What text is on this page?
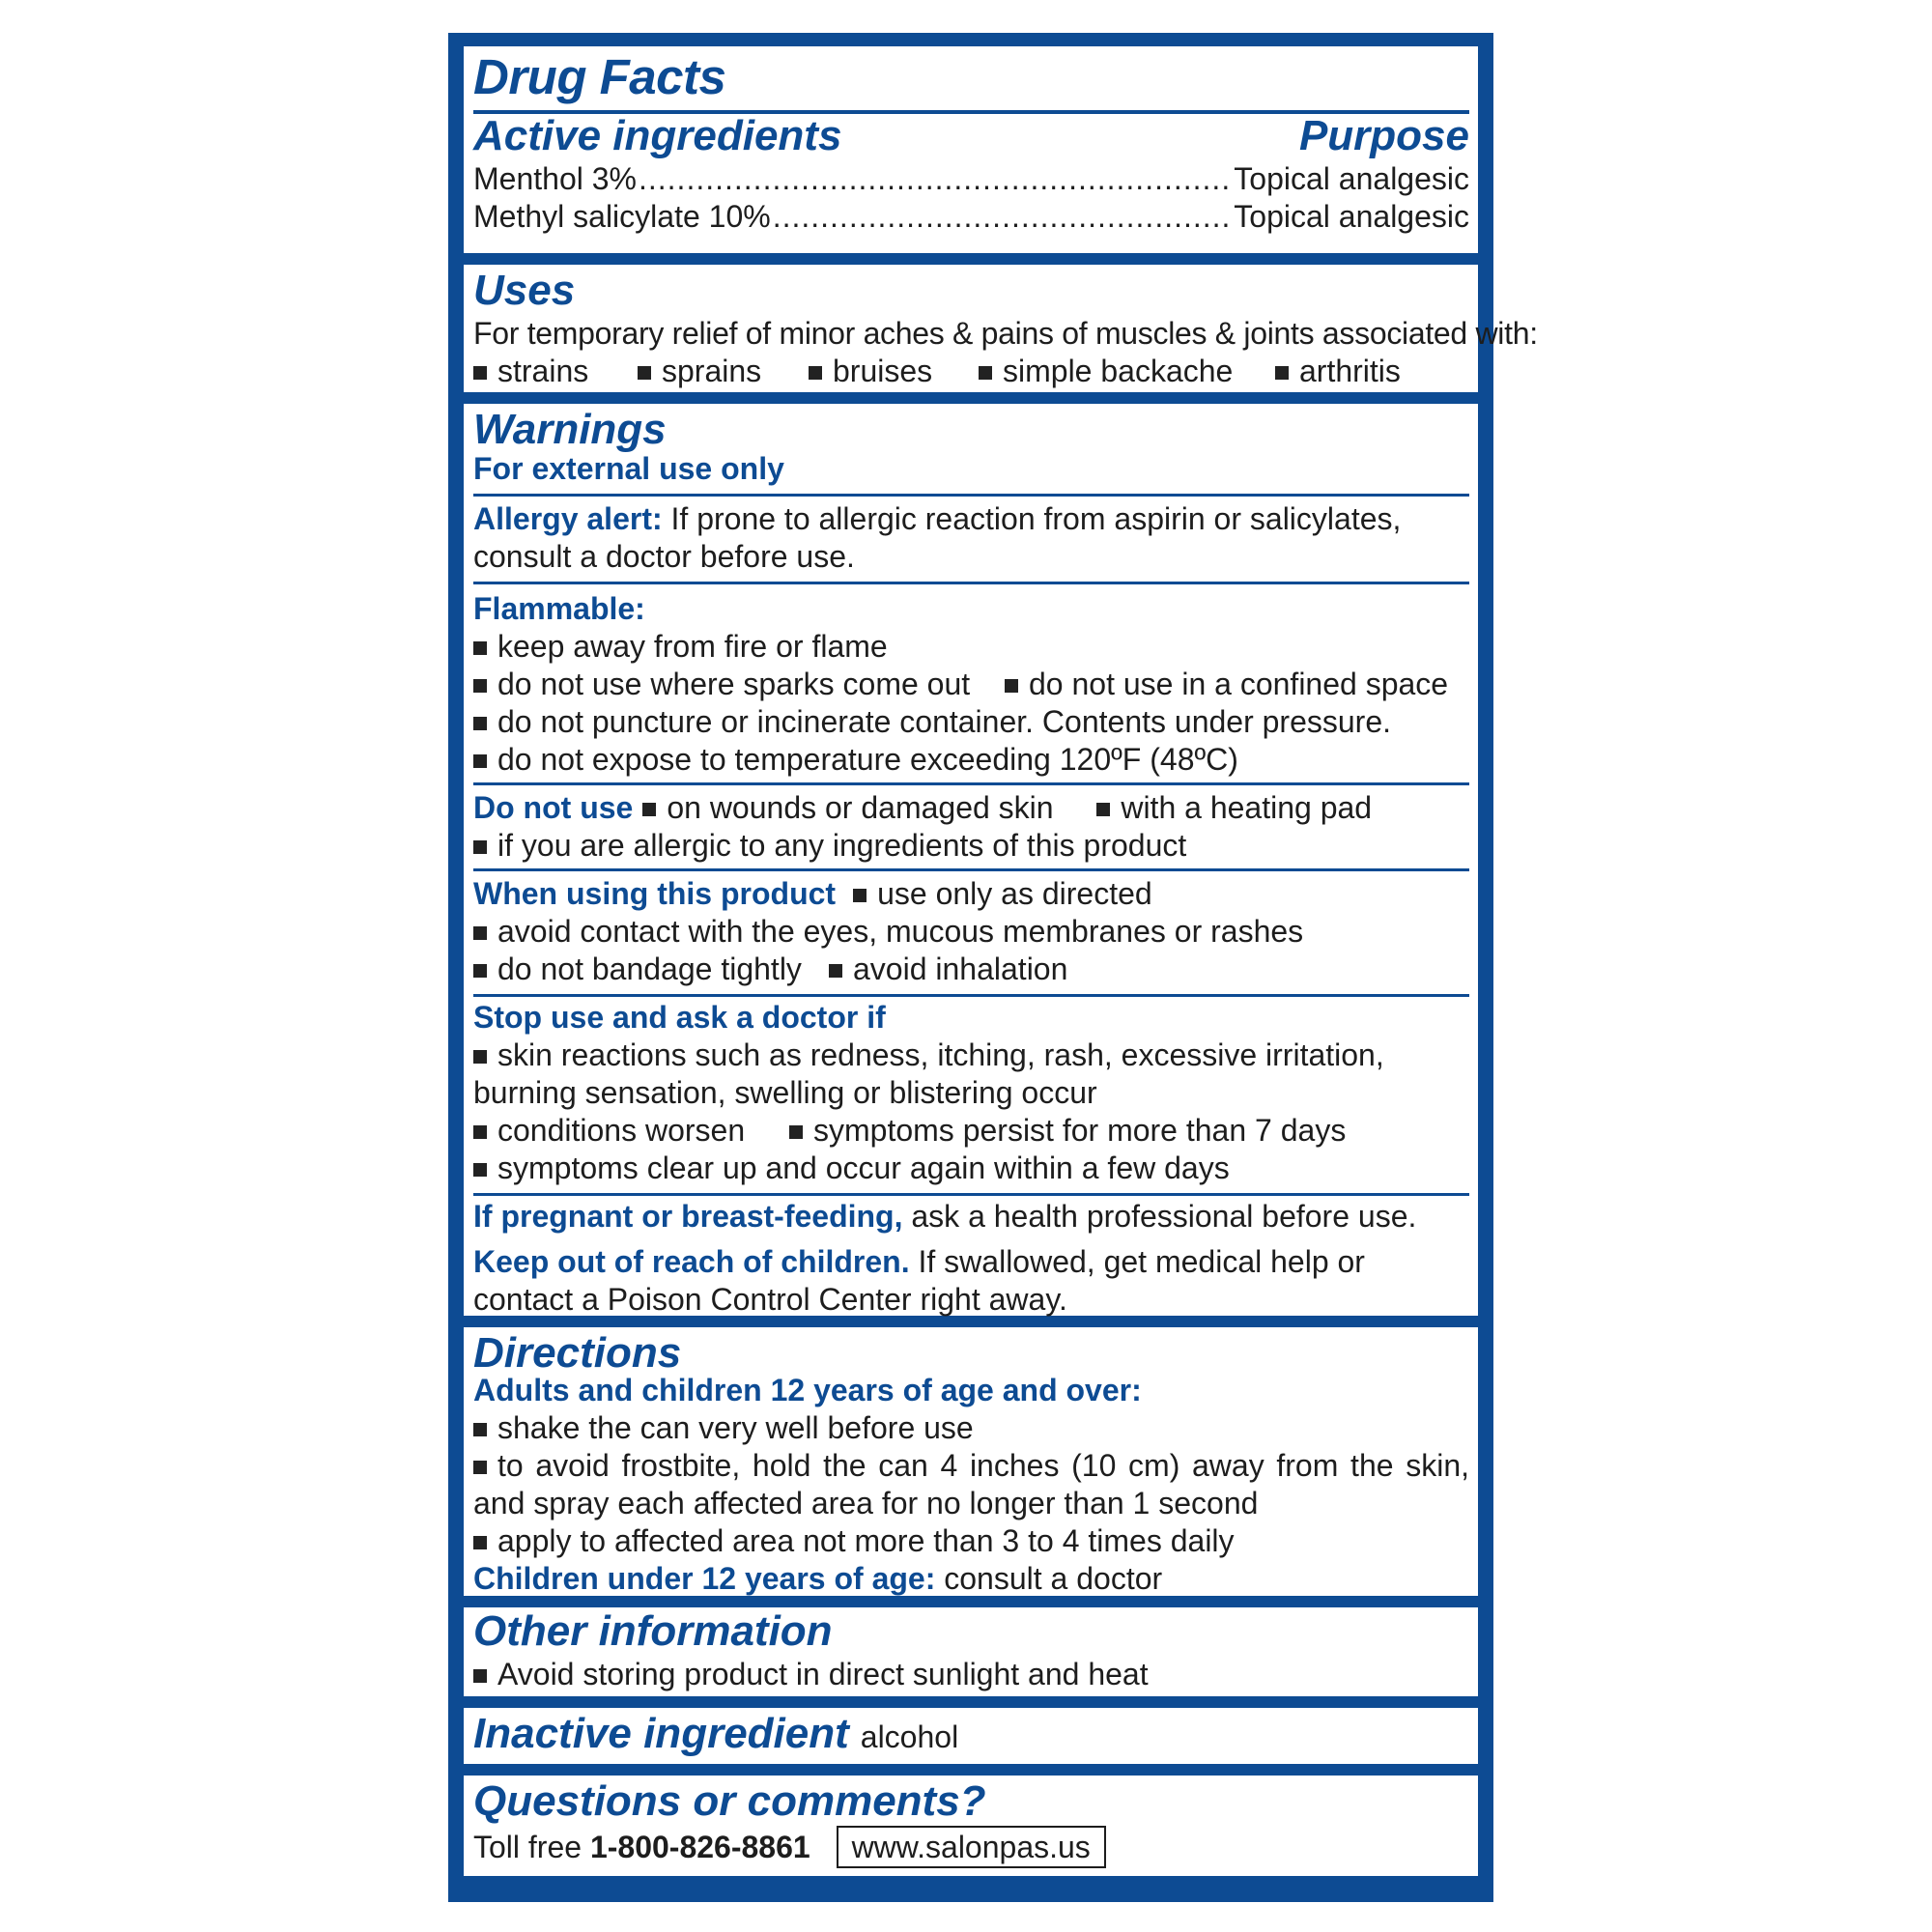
Drug Facts
Active ingredients	Purpose
Menthol 3% .....	Topical analgesic
Methyl salicylate 10% .....	Topical analgesic
Uses
For temporary relief of minor aches & pains of muscles & joints associated with:
strains	sprains	bruises	simple backache	arthritis
Warnings
For external use only
Allergy alert: If prone to allergic reaction from aspirin or salicylates, consult a doctor before use.
Flammable:
keep away from fire or flame
do not use where sparks come out do not use in a confined space
do not puncture or incinerate container. Contents under pressure.
do not expose to temperature exceeding 120ºF (48ºC)
Do not use on wounds or damaged skin with a heating pad
if you are allergic to any ingredients of this product
When using this product use only as directed
avoid contact with the eyes, mucous membranes or rashes
do not bandage tightly avoid inhalation
Stop use and ask a doctor if
skin reactions such as redness, itching, rash, excessive irritation, burning sensation, swelling or blistering occur
conditions worsen symptoms persist for more than 7 days
symptoms clear up and occur again within a few days
If pregnant or breast-feeding, ask a health professional before use.
Keep out of reach of children. If swallowed, get medical help or contact a Poison Control Center right away.
Directions
Adults and children 12 years of age and over:
shake the can very well before use
to avoid frostbite, hold the can 4 inches (10 cm) away from the skin, and spray each affected area for no longer than 1 second
apply to affected area not more than 3 to 4 times daily
Children under 12 years of age: consult a doctor
Other information
Avoid storing product in direct sunlight and heat
Inactive ingredient alcohol
Questions or comments?
Toll free 1-800-826-8861 www.salonpas.us
